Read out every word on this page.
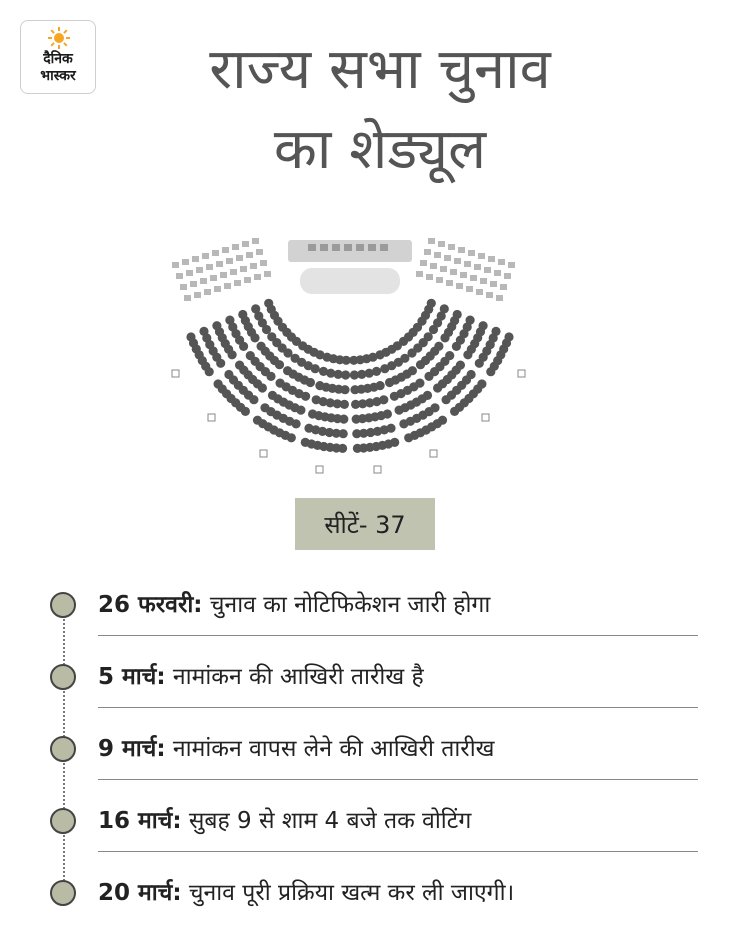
दैनिक
भास्कर	राज्य सभा चुनाव
का शेड्यूल
सीटें- 37
26 फरवरी: चुनाव का नोटिफिकेशन जारी होगा
5 मार्च: नामांकन की आखिरी तारीख है
9 मार्च: नामांकन वापस लेने की आखिरी तारीख
16 मार्च: सुबह 9 से शाम 4 बजे तक वोटिंग
20 मार्च: चुनाव पूरी प्रक्रिया खत्म कर ली जाएगी।
